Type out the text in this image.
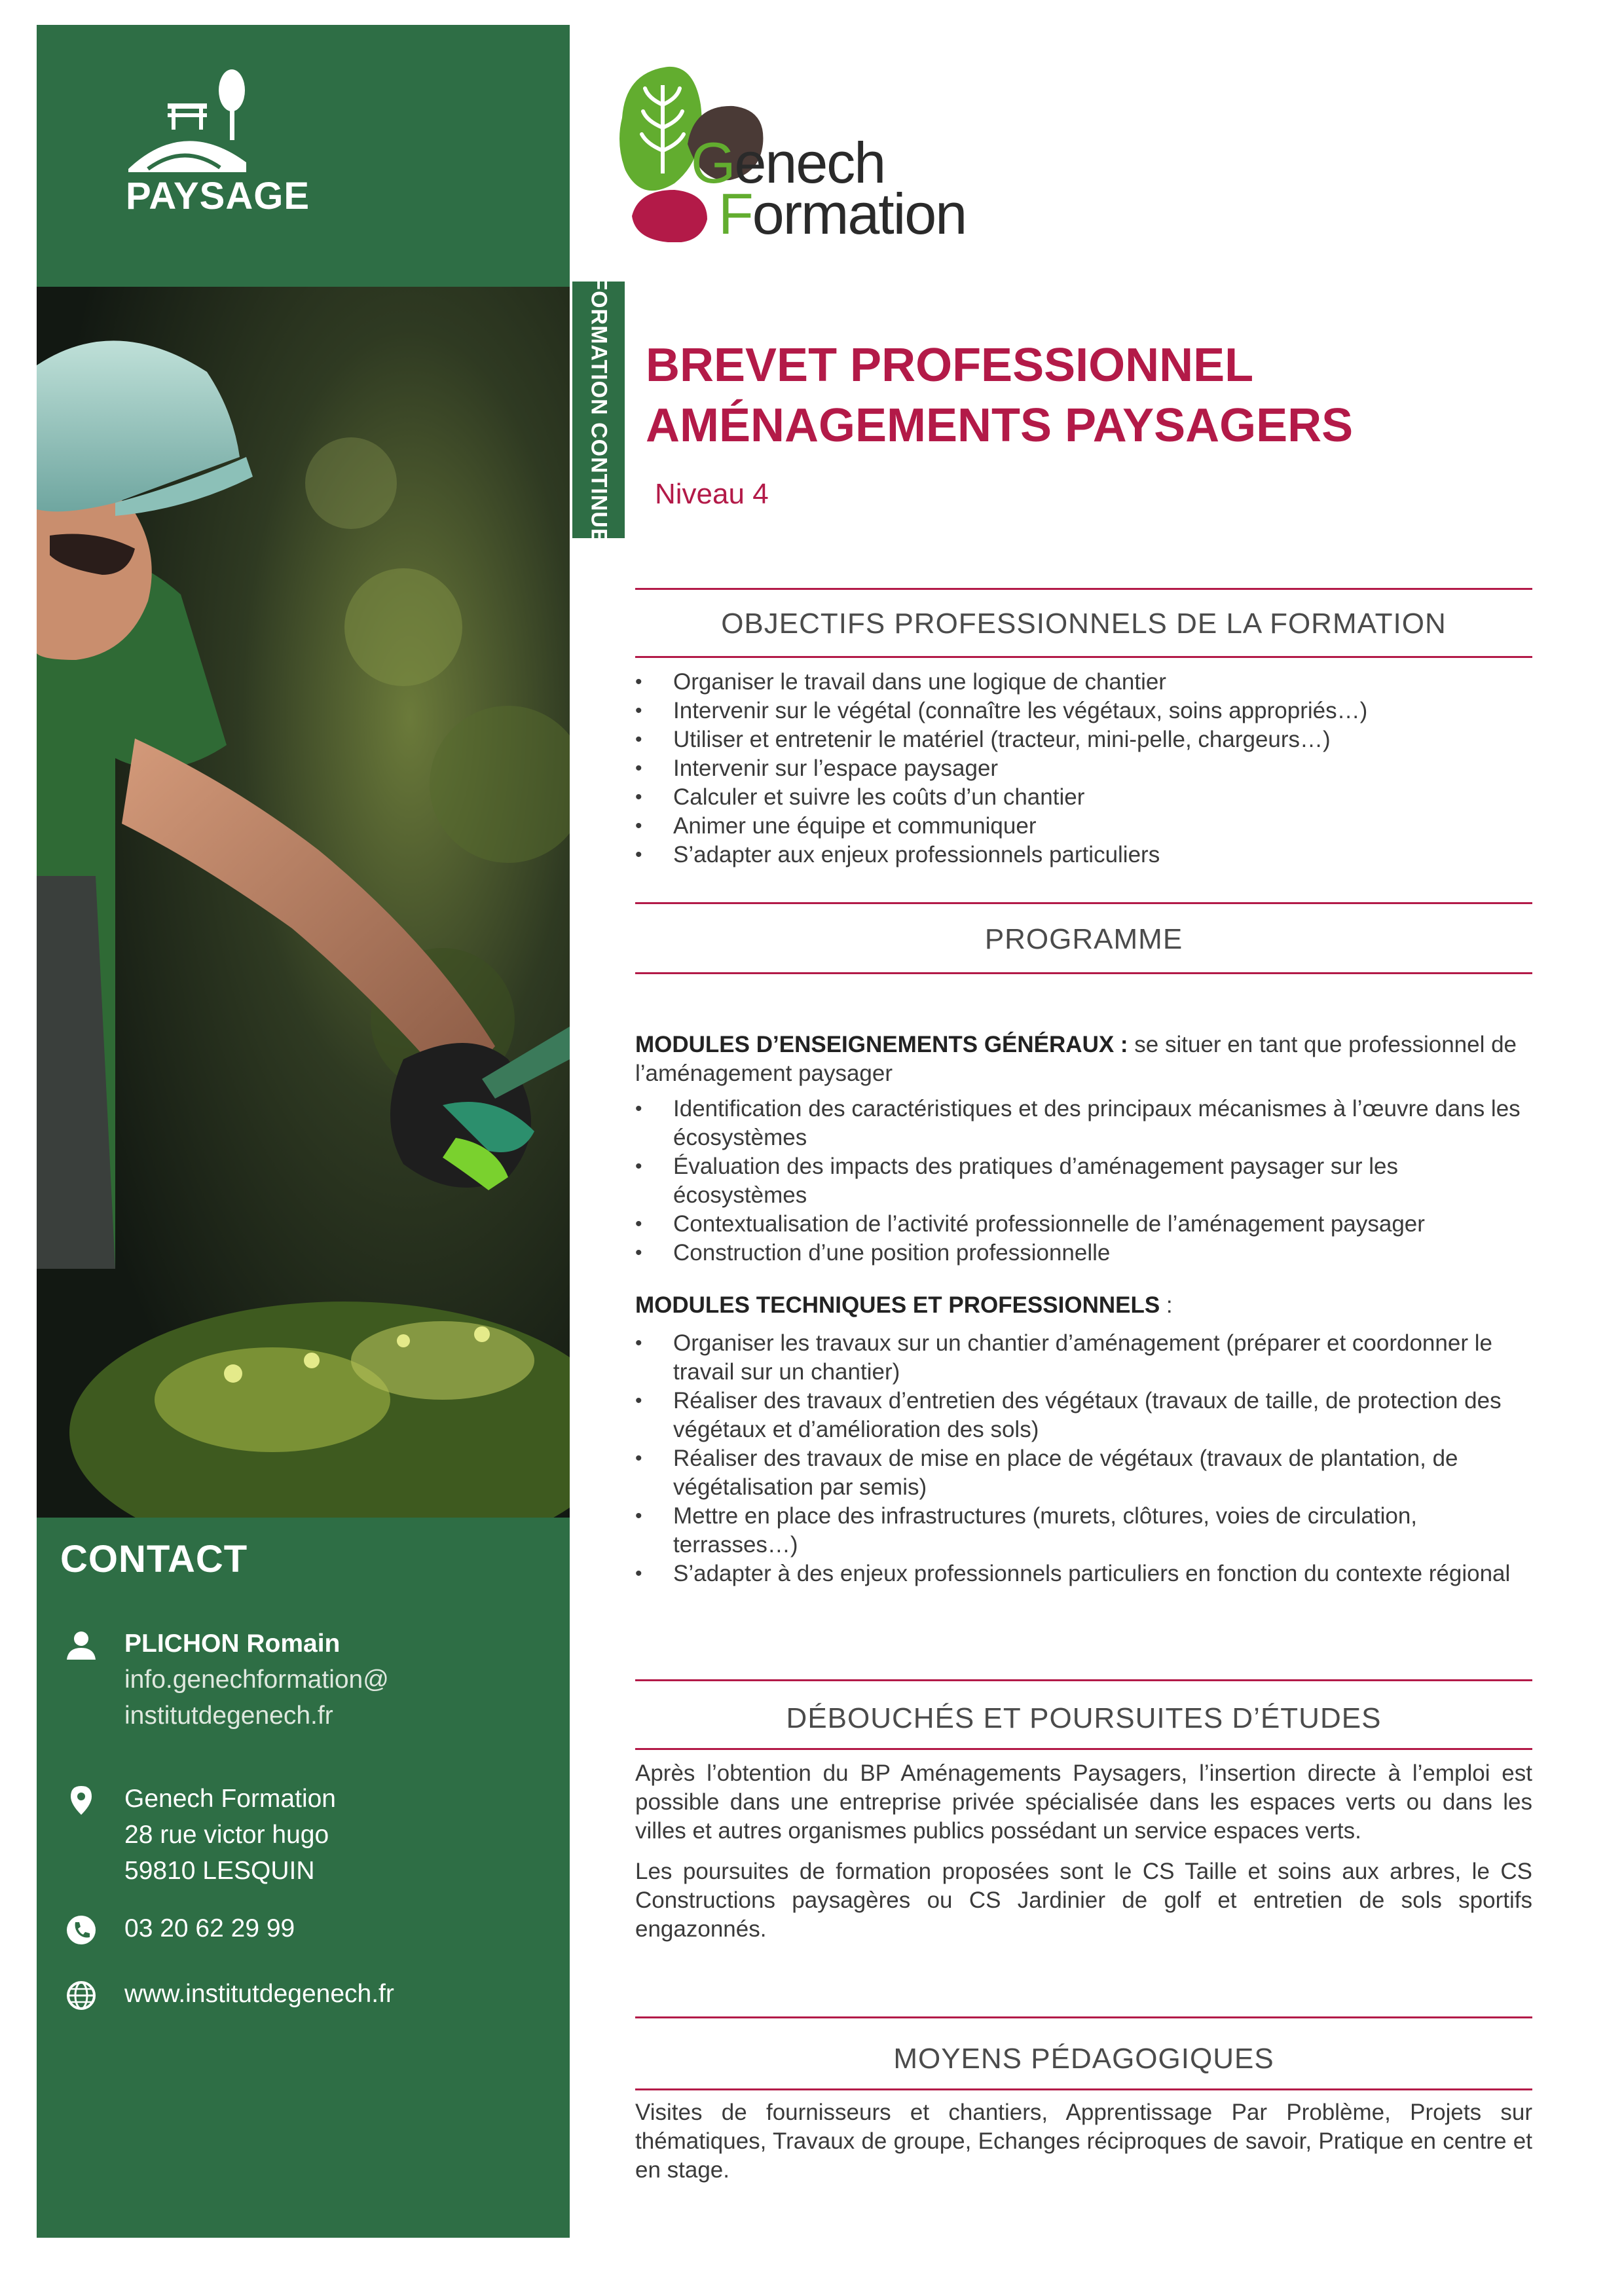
PAYSAGE
CONTACT
PLICHON Romain
info.genechformation@
institutdegenech.fr
Genech Formation
28 rue victor hugo
59810 LESQUIN
03 20 62 29 99
www.institutdegenech.fr
FORMATION CONTINUE
Genech
Formation
BREVET PROFESSIONNEL
AMÉNAGEMENTS PAYSAGERS
Niveau 4
OBJECTIFS PROFESSIONNELS DE LA FORMATION
• Organiser le travail dans une logique de chantier
• Intervenir sur le végétal (connaître les végétaux, soins appropriés…)
• Utiliser et entretenir le matériel (tracteur, mini-pelle, chargeurs…)
• Intervenir sur l’espace paysager
• Calculer et suivre les coûts d’un chantier
• Animer une équipe et communiquer
• S’adapter aux enjeux professionnels particuliers
PROGRAMME
MODULES D’ENSEIGNEMENTS GÉNÉRAUX : se situer en tant que professionnel de l’aménagement paysager
• Identification des caractéristiques et des principaux mécanismes à l’œuvre dans les écosystèmes
• Évaluation des impacts des pratiques d’aménagement paysager sur les écosystèmes
• Contextualisation de l’activité professionnelle de l’aménagement paysager
• Construction d’une position professionnelle
MODULES TECHNIQUES ET PROFESSIONNELS :
• Organiser les travaux sur un chantier d’aménagement (préparer et coordonner le travail sur un chantier)
• Réaliser des travaux d’entretien des végétaux (travaux de taille, de protection des végétaux et d’amélioration des sols)
• Réaliser des travaux de mise en place de végétaux (travaux de plantation, de végétalisation par semis)
• Mettre en place des infrastructures (murets, clôtures, voies de circulation, terrasses…)
• S’adapter à des enjeux professionnels particuliers en fonction du contexte régional
DÉBOUCHÉS ET POURSUITES D’ÉTUDES
Après l’obtention du BP Aménagements Paysagers, l’insertion directe à l’emploi est possible dans une entreprise privée spécialisée dans les espaces verts ou dans les villes et autres organismes publics possédant un service espaces verts.
Les poursuites de formation proposées sont le CS Taille et soins aux arbres, le CS Constructions paysagères ou CS Jardinier de golf et entretien de sols sportifs engazonnés.
MOYENS PÉDAGOGIQUES
Visites de fournisseurs et chantiers, Apprentissage Par Problème, Projets sur thématiques, Travaux de groupe, Echanges réciproques de savoir, Pratique en centre et en stage.
